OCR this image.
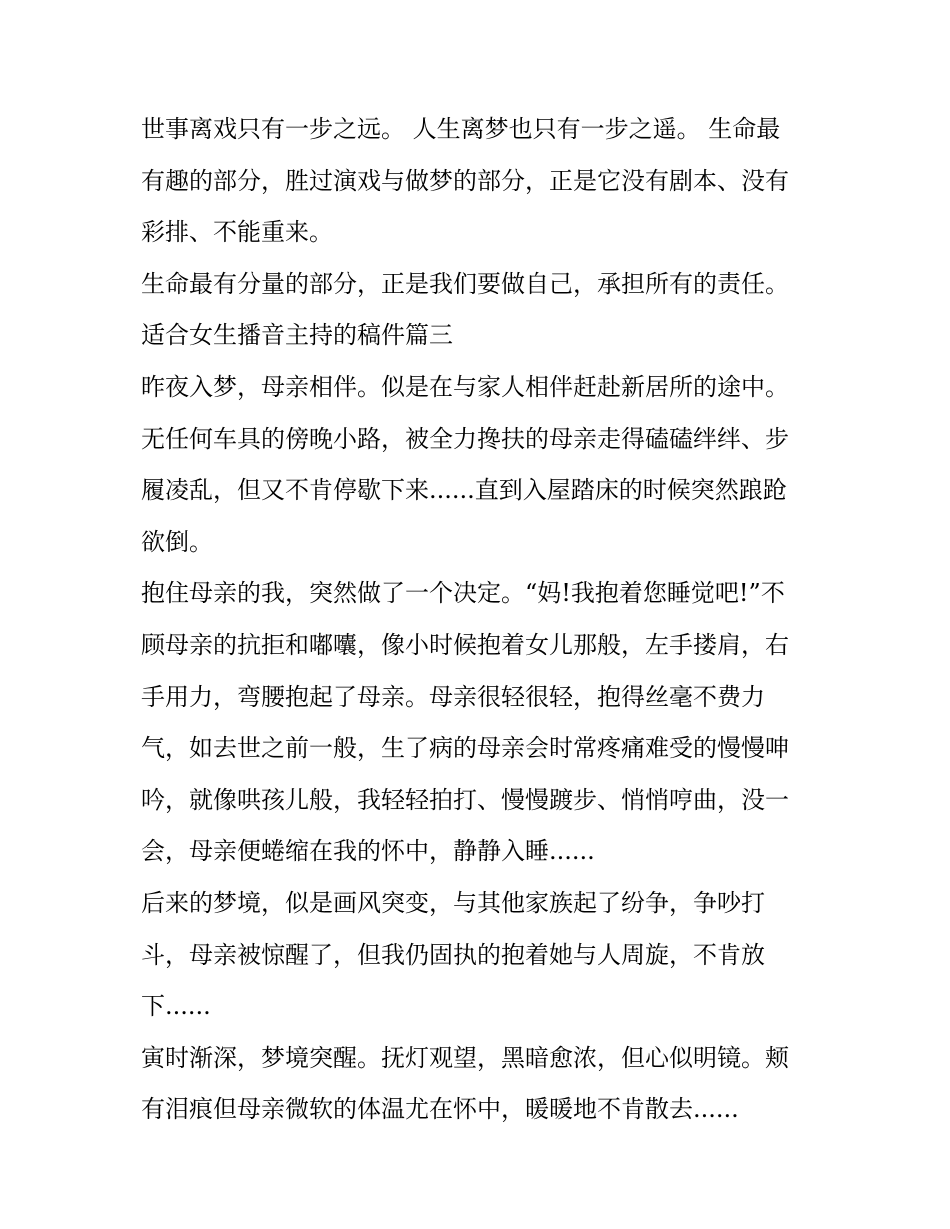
世事离戏只有一步之远。 人生离梦也只有一步之遥。 生命最
有趣的部分，胜过演戏与做梦的部分，正是它没有剧本、没有
彩排、不能重来。
生命最有分量的部分，正是我们要做自己，承担所有的责任。
适合女生播音主持的稿件篇三
昨夜入梦，母亲相伴。似是在与家人相伴赶赴新居所的途中。
无任何车具的傍晚小路，被全力搀扶的母亲走得磕磕绊绊、步
履凌乱，但又不肯停歇下来......直到入屋踏床的时候突然踉跄
欲倒。
抱住母亲的我，突然做了一个决定。“妈!我抱着您睡觉吧!”不
顾母亲的抗拒和嘟囔，像小时候抱着女儿那般，左手搂肩，右
手用力，弯腰抱起了母亲。母亲很轻很轻，抱得丝毫不费力
气，如去世之前一般，生了病的母亲会时常疼痛难受的慢慢呻
吟，就像哄孩儿般，我轻轻拍打、慢慢踱步、悄悄哼曲，没一
会，母亲便蜷缩在我的怀中，静静入睡......
后来的梦境，似是画风突变，与其他家族起了纷争，争吵打
斗，母亲被惊醒了，但我仍固执的抱着她与人周旋，不肯放
下......
寅时渐深，梦境突醒。抚灯观望，黑暗愈浓，但心似明镜。颊
有泪痕但母亲微软的体温尤在怀中，暖暖地不肯散去......
